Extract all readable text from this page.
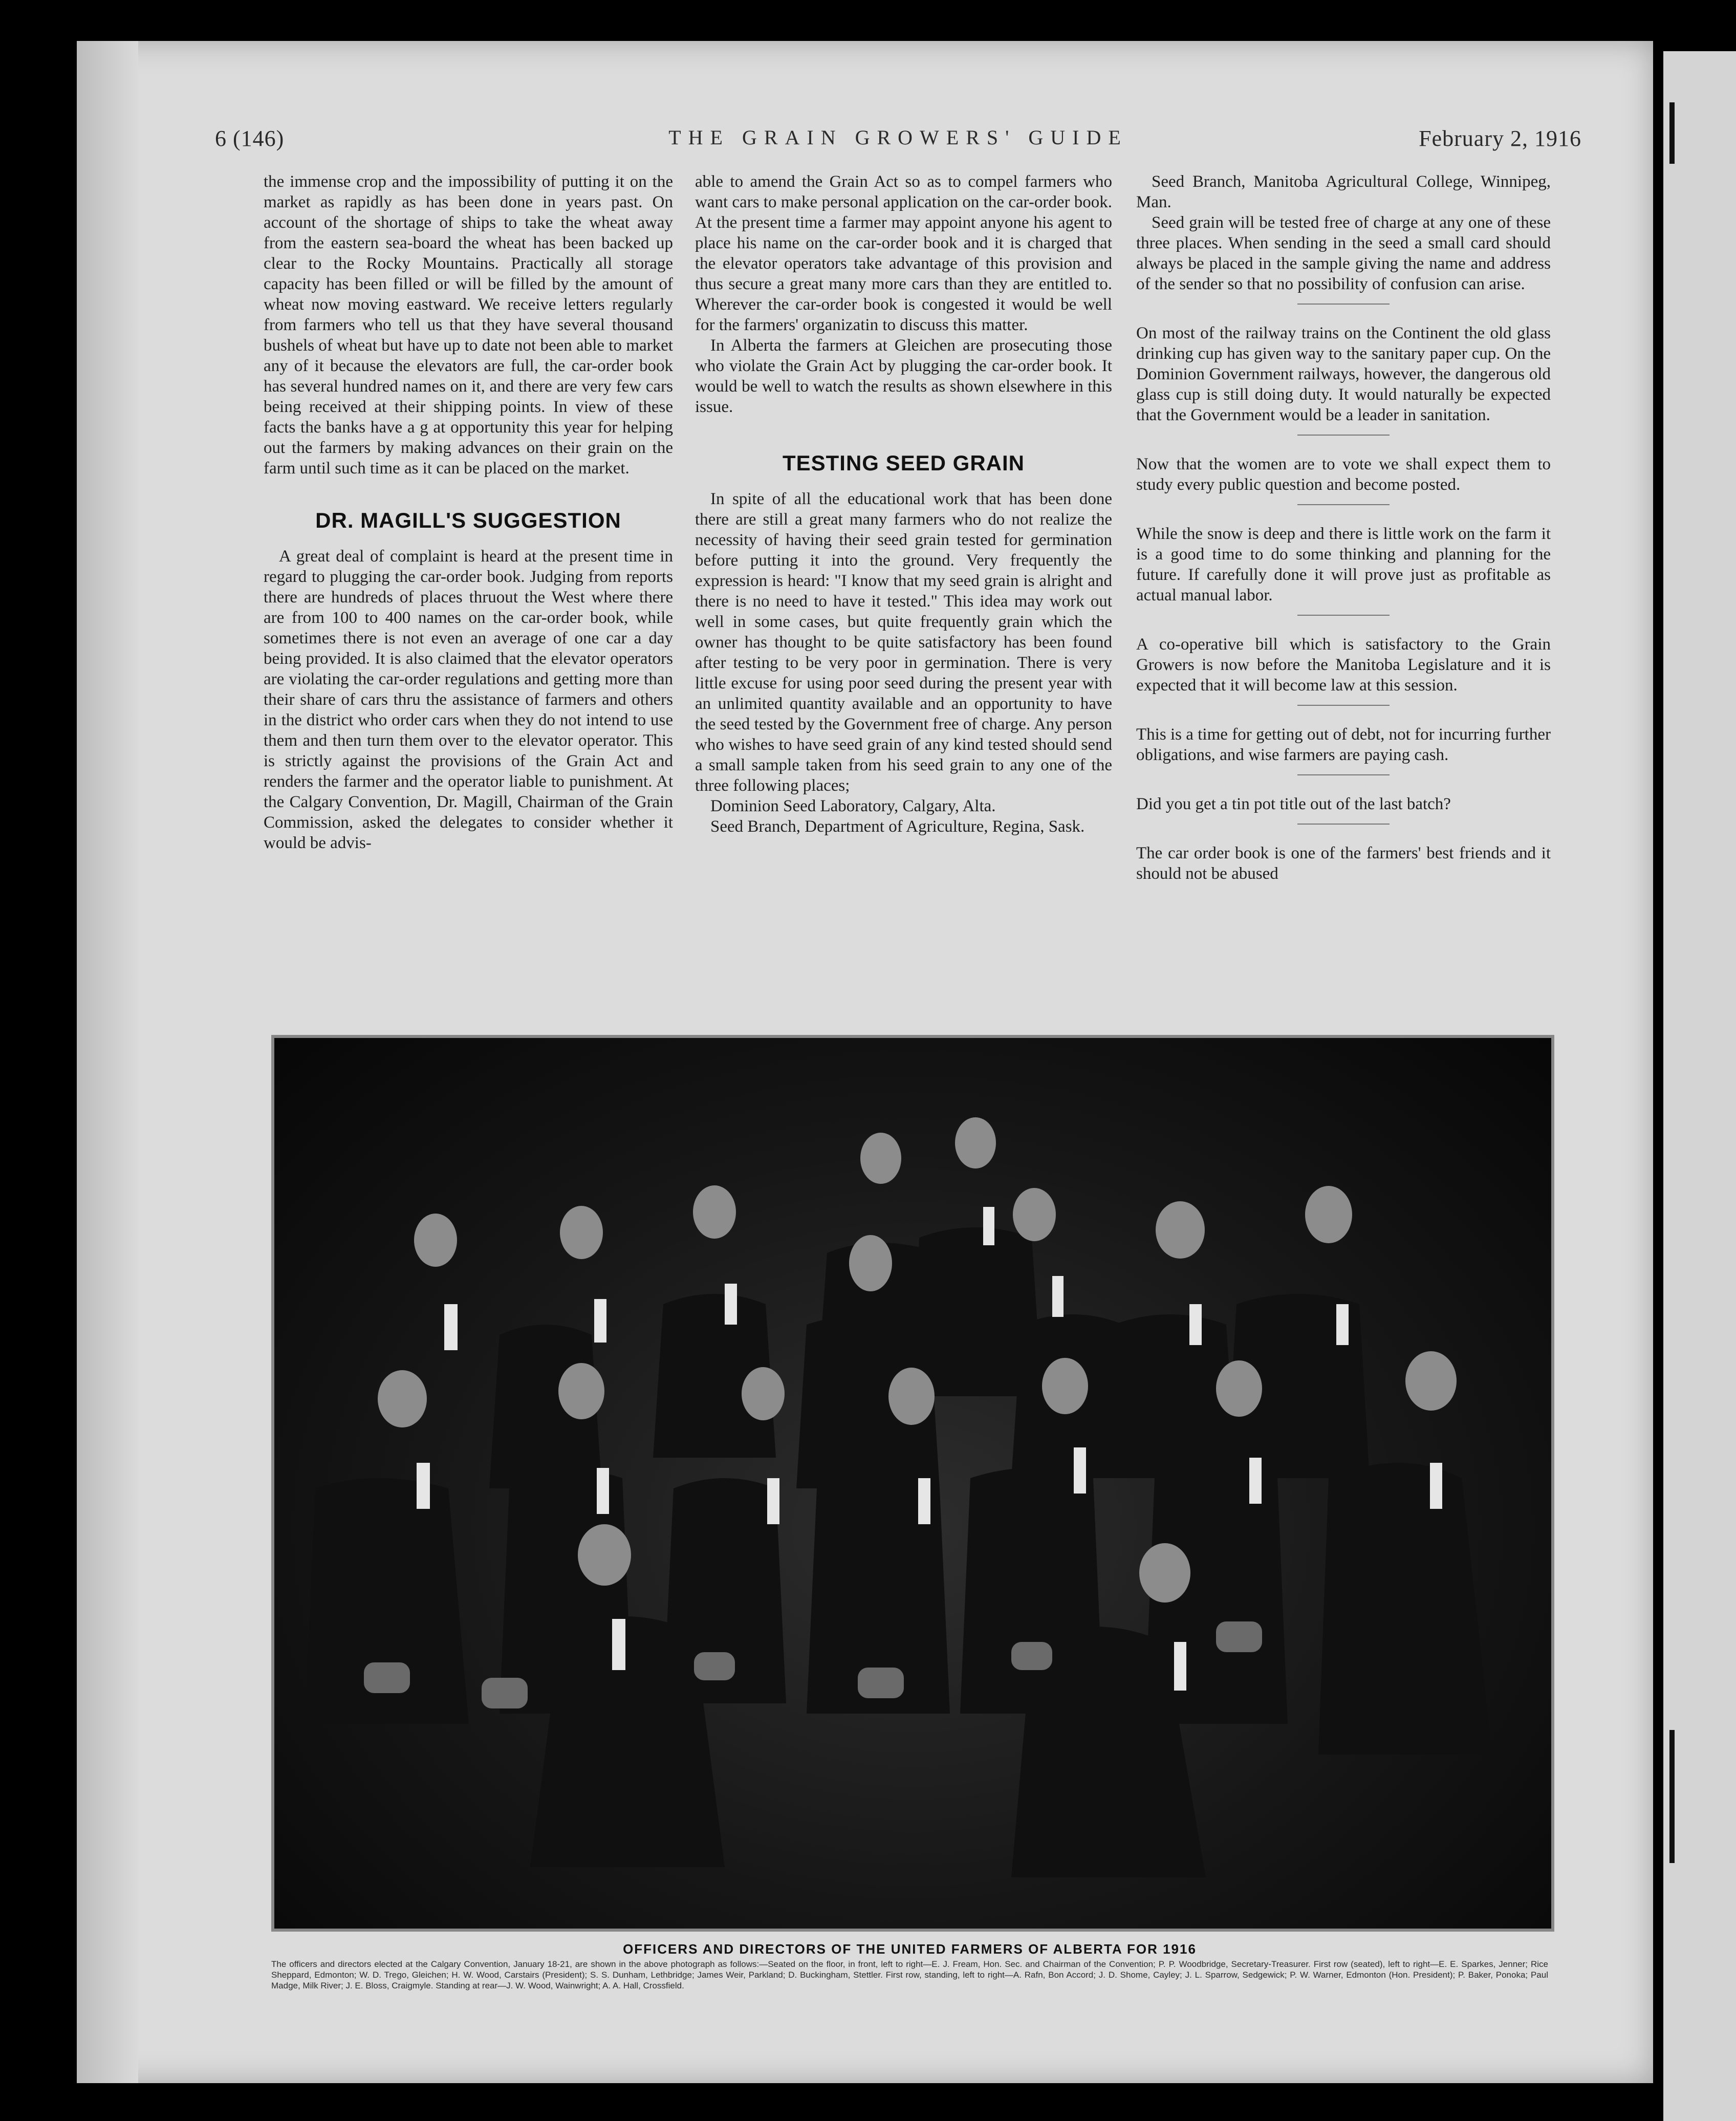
6 (146)	THE GRAIN GROWERS' GUIDE	February 2, 1916

the immense crop and the impossibility of putting it on the market as rapidly as has been done in years past. On account of the shortage of ships to take the wheat away from the eastern sea-board the wheat has been backed up clear to the Rocky Mountains. Practically all storage capacity has been filled or will be filled by the amount of wheat now moving eastward. We receive letters regularly from farmers who tell us that they have several thousand bushels of wheat but have up to date not been able to market any of it because the elevators are full, the car-order book has several hundred names on it, and there are very few cars being received at their shipping points. In view of these facts the banks have a g at opportunity this year for helping out the farmers by making advances on their grain on the farm until such time as it can be placed on the market.

DR. MAGILL'S SUGGESTION

A great deal of complaint is heard at the present time in regard to plugging the car-order book. Judging from reports there are hundreds of places thruout the West where there are from 100 to 400 names on the car-order book, while sometimes there is not even an average of one car a day being provided. It is also claimed that the elevator operators are violating the car-order regulations and getting more than their share of cars thru the assistance of farmers and others in the district who order cars when they do not intend to use them and then turn them over to the elevator operator. This is strictly against the provisions of the Grain Act and renders the farmer and the operator liable to punishment. At the Calgary Convention, Dr. Magill, Chairman of the Grain Commission, asked the delegates to consider whether it would be advis-

able to amend the Grain Act so as to compel farmers who want cars to make personal application on the car-order book. At the present time a farmer may appoint anyone his agent to place his name on the car-order book and it is charged that the elevator operators take advantage of this provision and thus secure a great many more cars than they are entitled to. Wherever the car-order book is congested it would be well for the farmers' organizatin to discuss this matter.

In Alberta the farmers at Gleichen are prosecuting those who violate the Grain Act by plugging the car-order book. It would be well to watch the results as shown elsewhere in this issue.

TESTING SEED GRAIN

In spite of all the educational work that has been done there are still a great many farmers who do not realize the necessity of having their seed grain tested for germination before putting it into the ground. Very frequently the expression is heard: "I know that my seed grain is alright and there is no need to have it tested." This idea may work out well in some cases, but quite frequently grain which the owner has thought to be quite satisfactory has been found after testing to be very poor in germination. There is very little excuse for using poor seed during the present year with an unlimited quantity available and an opportunity to have the seed tested by the Government free of charge. Any person who wishes to have seed grain of any kind tested should send a small sample taken from his seed grain to any one of the three following places;

Dominion Seed Laboratory, Calgary, Alta.

Seed Branch, Department of Agriculture, Regina, Sask.

Seed Branch, Manitoba Agricultural College, Winnipeg, Man.

Seed grain will be tested free of charge at any one of these three places. When sending in the seed a small card should always be placed in the sample giving the name and address of the sender so that no possibility of confusion can arise.

On most of the railway trains on the Continent the old glass drinking cup has given way to the sanitary paper cup. On the Dominion Government railways, however, the dangerous old glass cup is still doing duty. It would naturally be expected that the Government would be a leader in sanitation.

Now that the women are to vote we shall expect them to study every public question and become posted.

While the snow is deep and there is little work on the farm it is a good time to do some thinking and planning for the future. If carefully done it will prove just as profitable as actual manual labor.

A co-operative bill which is satisfactory to the Grain Growers is now before the Manitoba Legislature and it is expected that it will become law at this session.

This is a time for getting out of debt, not for incurring further obligations, and wise farmers are paying cash.

Did you get a tin pot title out of the last batch?

The car order book is one of the farmers' best friends and it should not be abused

OFFICERS AND DIRECTORS OF THE UNITED FARMERS OF ALBERTA FOR 1916
The officers and directors elected at the Calgary Convention, January 18-21, are shown in the above photograph as follows:—Seated on the floor, in front, left to right—E. J. Fream, Hon. Sec. and Chairman of the Convention; P. P. Woodbridge, Secretary-Treasurer. First row (seated), left to right—E. E. Sparkes, Jenner; Rice Sheppard, Edmonton; W. D. Trego, Gleichen; H. W. Wood, Carstairs (President); S. S. Dunham, Lethbridge; James Weir, Parkland; D. Buckingham, Stettler. First row, standing, left to right—A. Rafn, Bon Accord; J. D. Shome, Cayley; J. L. Sparrow, Sedgewick; P. W. Warner, Edmonton (Hon. President); P. Baker, Ponoka; Paul Madge, Milk River; J. E. Bloss, Craigmyle. Standing at rear—J. W. Wood, Wainwright; A. A. Hall, Crossfield.
